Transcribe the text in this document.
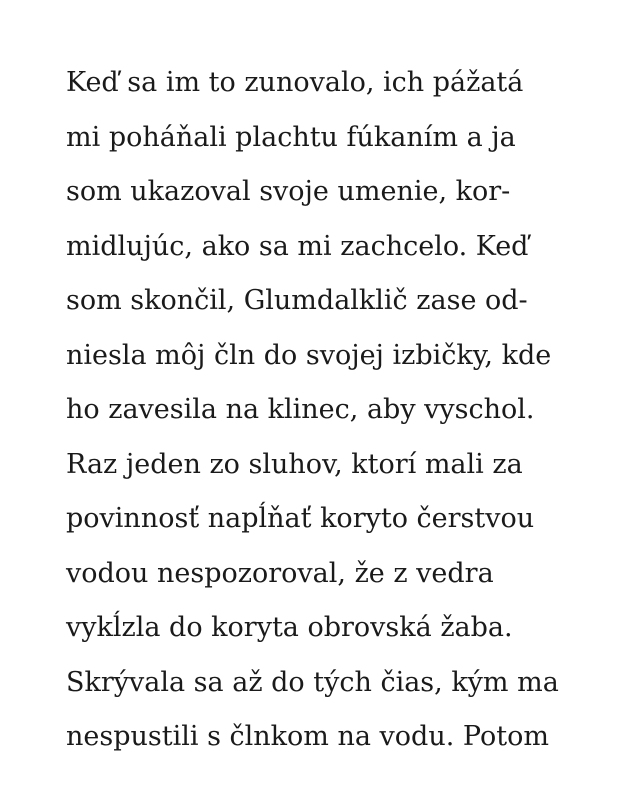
Keď sa im to zunovalo, ich pážatá
mi poháňali plachtu fúkaním a ja
som ukazoval svoje umenie, kor-
midlujúc, ako sa mi zachcelo. Keď
som skončil, Glumdalklič zase od-
niesla môj čln do svojej izbičky, kde
ho zavesila na klinec, aby vyschol.
Raz jeden zo sluhov, ktorí mali za
povinnosť napĺňať koryto čerstvou
vodou nespozoroval, že z vedra
vykĺzla do koryta obrovská žaba.
Skrývala sa až do tých čias, kým ma
nespustili s člnkom na vodu. Potom
